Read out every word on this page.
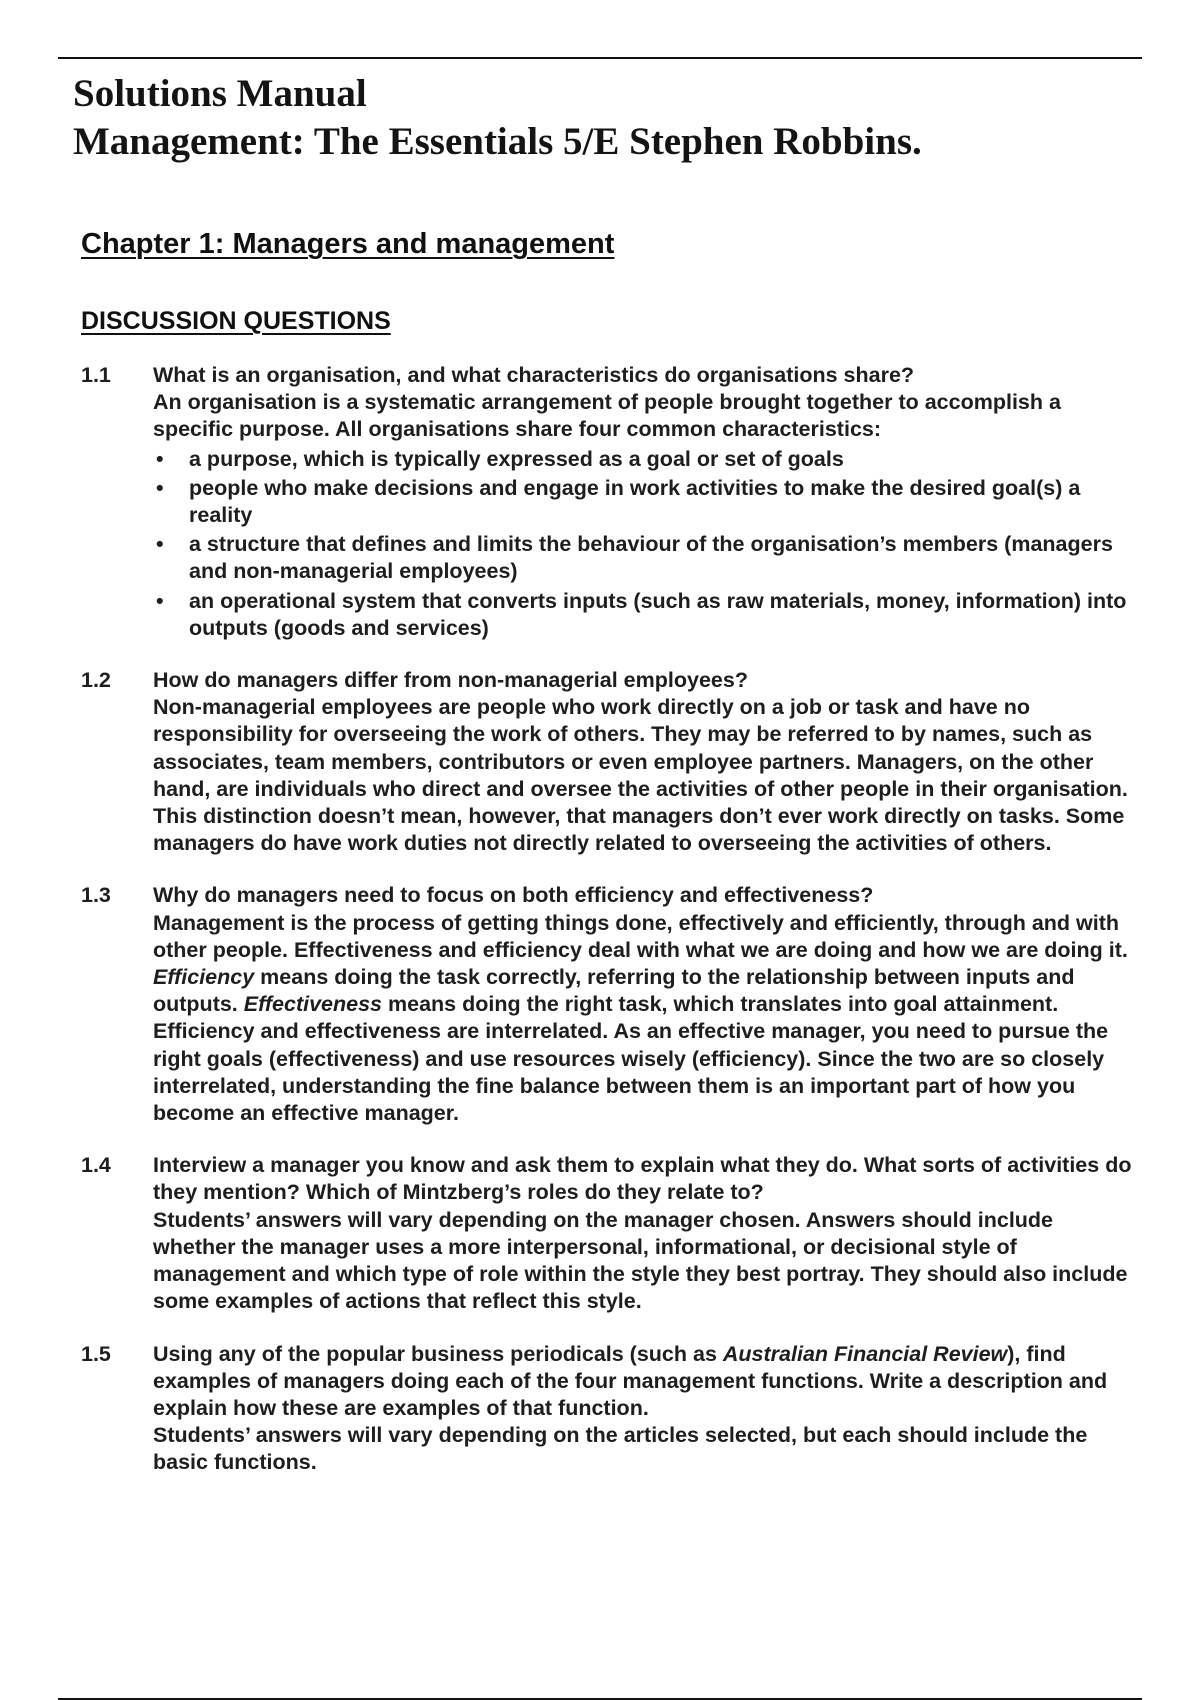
Solutions Manual
Management: The Essentials 5/E Stephen Robbins.
Chapter 1: Managers and management
DISCUSSION QUESTIONS
1.1 What is an organisation, and what characteristics do organisations share?
An organisation is a systematic arrangement of people brought together to accomplish a specific purpose. All organisations share four common characteristics:
• a purpose, which is typically expressed as a goal or set of goals
• people who make decisions and engage in work activities to make the desired goal(s) a reality
• a structure that defines and limits the behaviour of the organisation’s members (managers and non-managerial employees)
• an operational system that converts inputs (such as raw materials, money, information) into outputs (goods and services)
1.2 How do managers differ from non-managerial employees?
Non-managerial employees are people who work directly on a job or task and have no responsibility for overseeing the work of others. They may be referred to by names, such as associates, team members, contributors or even employee partners. Managers, on the other hand, are individuals who direct and oversee the activities of other people in their organisation. This distinction doesn’t mean, however, that managers don’t ever work directly on tasks. Some managers do have work duties not directly related to overseeing the activities of others.
1.3 Why do managers need to focus on both efficiency and effectiveness?
Management is the process of getting things done, effectively and efficiently, through and with other people. Effectiveness and efficiency deal with what we are doing and how we are doing it. Efficiency means doing the task correctly, referring to the relationship between inputs and outputs. Effectiveness means doing the right task, which translates into goal attainment. Efficiency and effectiveness are interrelated. As an effective manager, you need to pursue the right goals (effectiveness) and use resources wisely (efficiency). Since the two are so closely interrelated, understanding the fine balance between them is an important part of how you become an effective manager.
1.4 Interview a manager you know and ask them to explain what they do. What sorts of activities do they mention? Which of Mintzberg’s roles do they relate to?
Students’ answers will vary depending on the manager chosen. Answers should include whether the manager uses a more interpersonal, informational, or decisional style of management and which type of role within the style they best portray. They should also include some examples of actions that reflect this style.
1.5 Using any of the popular business periodicals (such as Australian Financial Review), find examples of managers doing each of the four management functions. Write a description and explain how these are examples of that function.
Students’ answers will vary depending on the articles selected, but each should include the basic functions.
